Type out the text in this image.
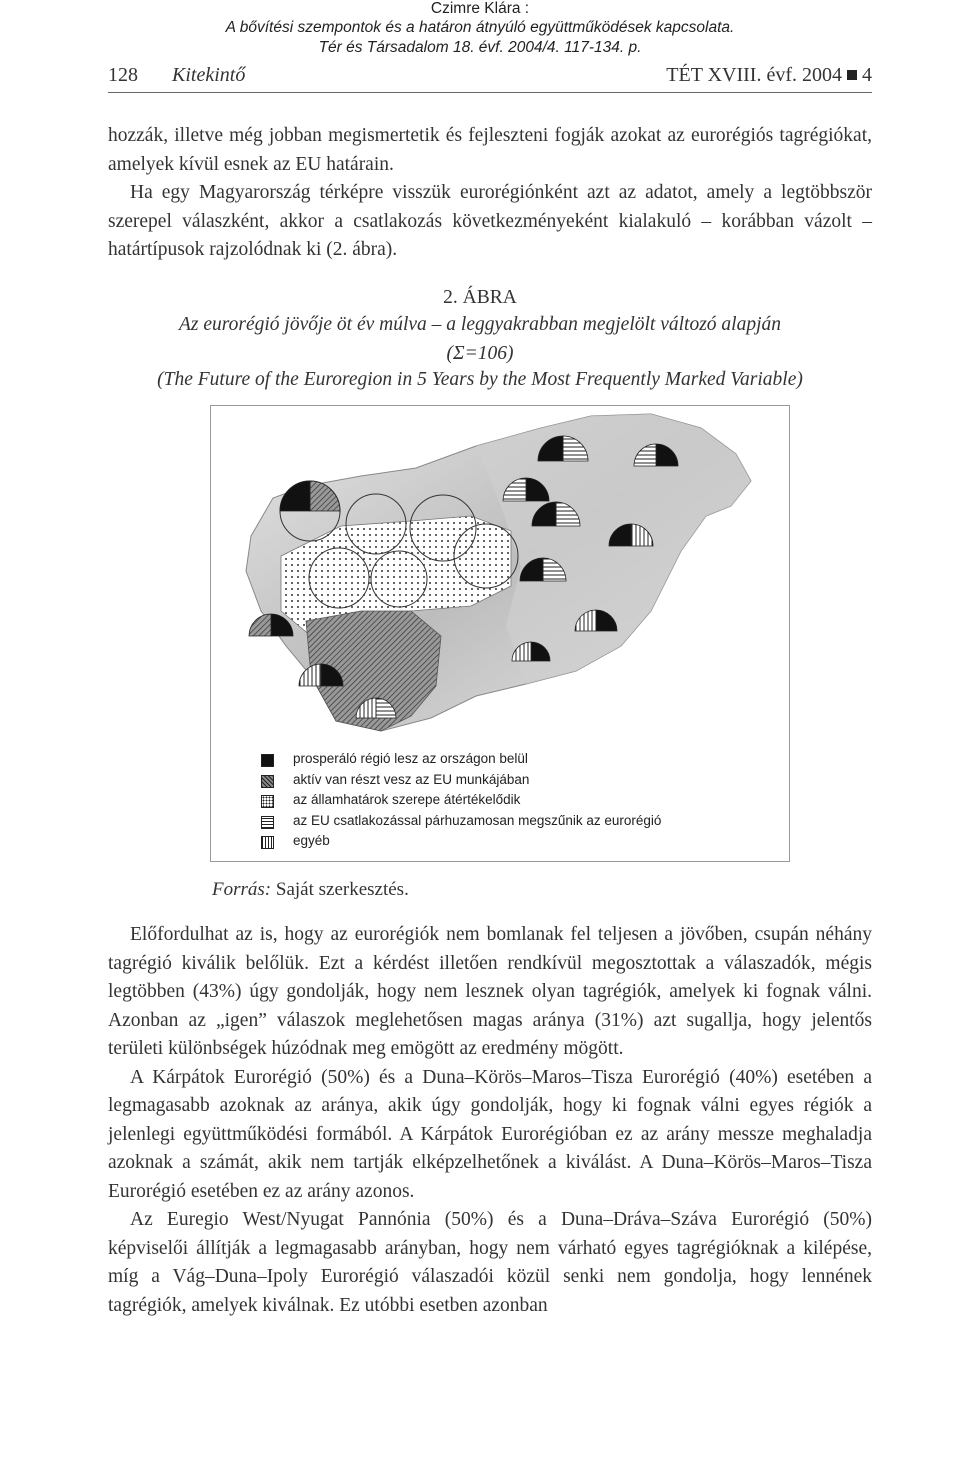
Czimre Klára :
A bővítési szempontok és a határon átnyúló együttműködések kapcsolata.
Tér és Társadalom 18. évf. 2004/4. 117-134. p.
128 Kitekintő	TÉT XVIII. évf. 2004 4

hozzák, illetve még jobban megismertetik és fejleszteni fogják azokat az eurorégiós tagrégiókat, amelyek kívül esnek az EU határain.

Ha egy Magyarország térképre visszük eurorégiónként azt az adatot, amely a legtöbbször szerepel válaszként, akkor a csatlakozás következményeként kialakuló – korábban vázolt – határtípusok rajzolódnak ki (2. ábra).

2. ÁBRA
Az eurorégió jövője öt év múlva – a leggyakrabban megjelölt változó alapján
(Σ=106)
(The Future of the Euroregion in 5 Years by the Most Frequently Marked Variable)
prosperáló régió lesz az országon belül
aktív van részt vesz az EU munkájában
az államhatárok szerepe átértékelődik
az EU csatlakozással párhuzamosan megszűnik az eurorégió
egyéb
Forrás: Saját szerkesztés.

Előfordulhat az is, hogy az eurorégiók nem bomlanak fel teljesen a jövőben, csupán néhány tagrégió kiválik belőlük. Ezt a kérdést illetően rendkívül megosztottak a válaszadók, mégis legtöbben (43%) úgy gondolják, hogy nem lesznek olyan tagrégiók, amelyek ki fognak válni. Azonban az „igen” válaszok meglehetősen magas aránya (31%) azt sugallja, hogy jelentős területi különbségek húzódnak meg emögött az eredmény mögött.

A Kárpátok Eurorégió (50%) és a Duna–Körös–Maros–Tisza Eurorégió (40%) esetében a legmagasabb azoknak az aránya, akik úgy gondolják, hogy ki fognak válni egyes régiók a jelenlegi együttműködési formából. A Kárpátok Eurorégióban ez az arány messze meghaladja azoknak a számát, akik nem tartják elképzelhetőnek a kiválást. A Duna–Körös–Maros–Tisza Eurorégió esetében ez az arány azonos.

Az Euregio West/Nyugat Pannónia (50%) és a Duna–Dráva–Száva Eurorégió (50%) képviselői állítják a legmagasabb arányban, hogy nem várható egyes tagrégióknak a kilépése, míg a Vág–Duna–Ipoly Eurorégió válaszadói közül senki nem gondolja, hogy lennének tagrégiók, amelyek kiválnak. Ez utóbbi esetben azonban
